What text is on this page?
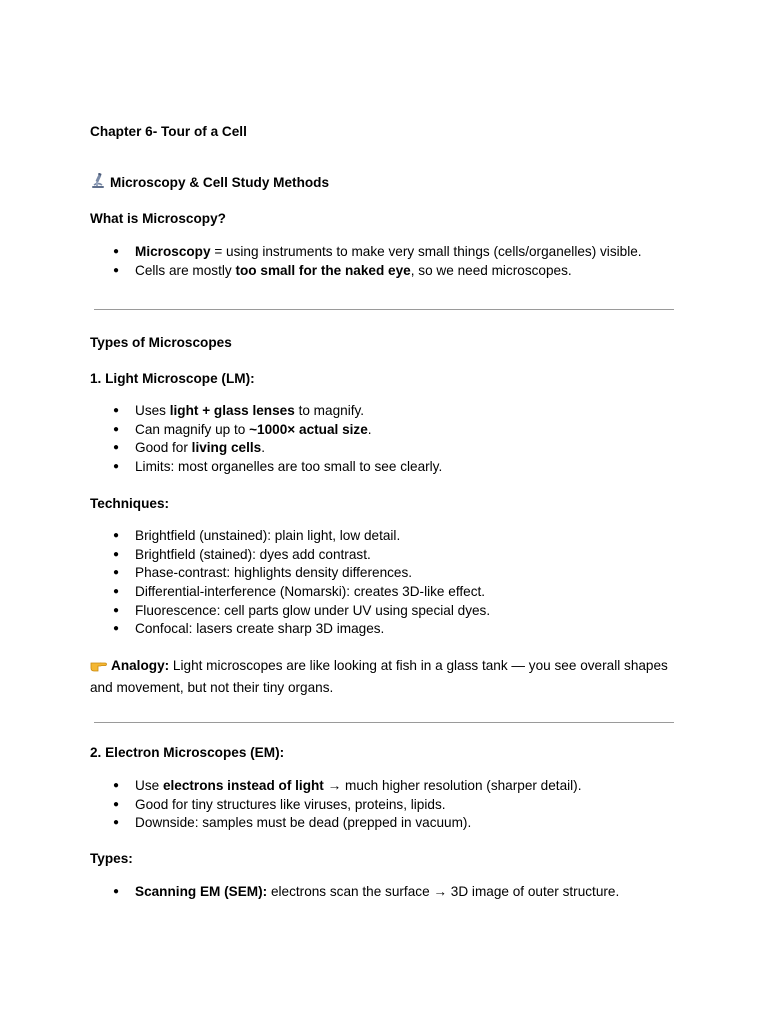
Chapter 6- Tour of a Cell
Microscopy & Cell Study Methods
What is Microscopy?
● Microscopy = using instruments to make very small things (cells/organelles) visible.
● Cells are mostly too small for the naked eye, so we need microscopes.
Types of Microscopes
1. Light Microscope (LM):
● Uses light + glass lenses to magnify.
● Can magnify up to ~1000× actual size.
● Good for living cells.
● Limits: most organelles are too small to see clearly.
Techniques:
● Brightfield (unstained): plain light, low detail.
● Brightfield (stained): dyes add contrast.
● Phase-contrast: highlights density differences.
● Differential-interference (Nomarski): creates 3D-like effect.
● Fluorescence: cell parts glow under UV using special dyes.
● Confocal: lasers create sharp 3D images.
Analogy: Light microscopes are like looking at fish in a glass tank — you see overall shapes and movement, but not their tiny organs.
2. Electron Microscopes (EM):
● Use electrons instead of light → much higher resolution (sharper detail).
● Good for tiny structures like viruses, proteins, lipids.
● Downside: samples must be dead (prepped in vacuum).
Types:
● Scanning EM (SEM): electrons scan the surface → 3D image of outer structure.
